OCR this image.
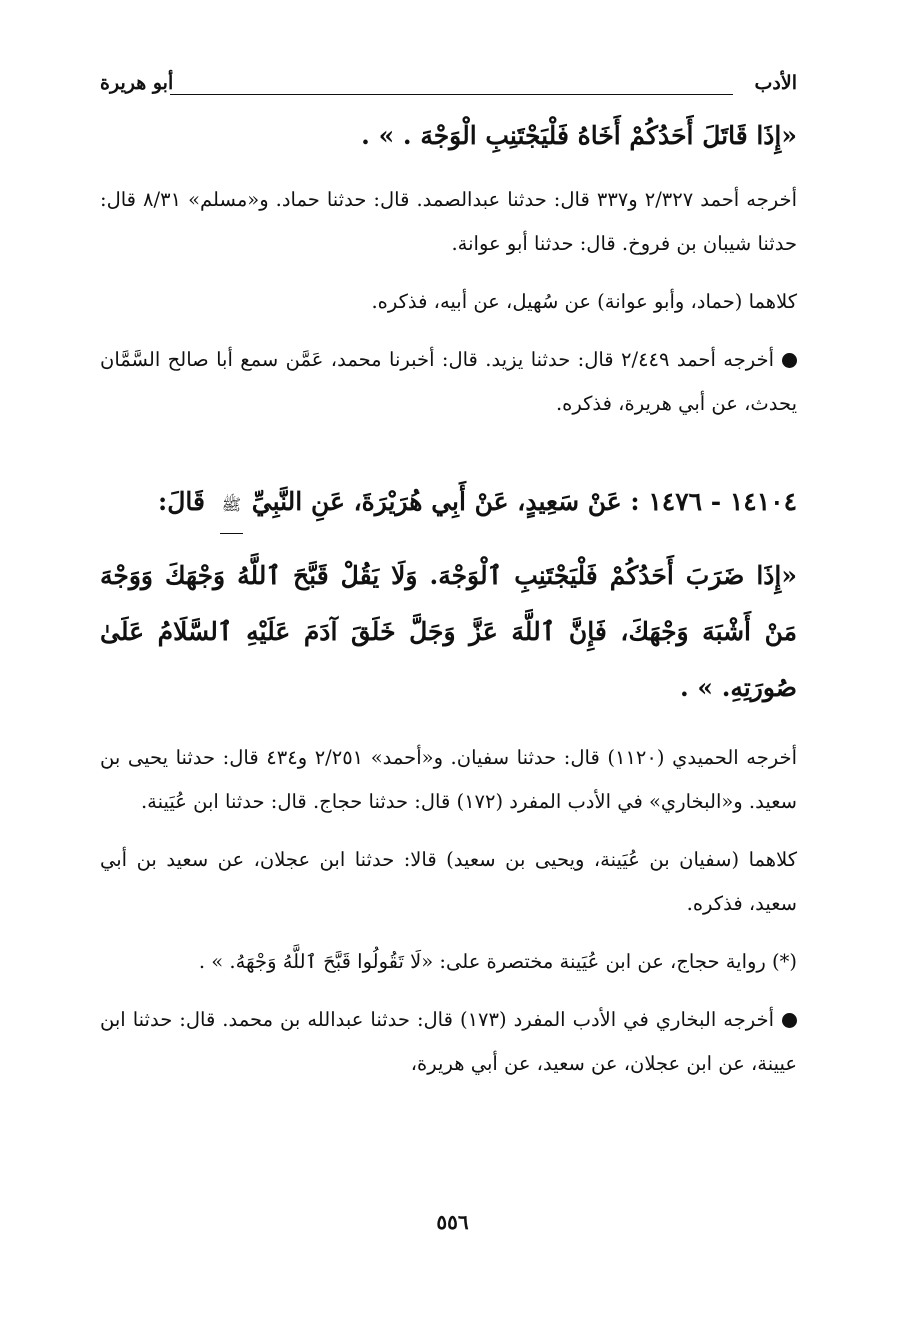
الأدب
أبو هريرة

«إِذَا قَاتَلَ أَحَدُكُمْ أَخَاهُ فَلْيَجْتَنِبِ الْوَجْهَ . » .

أخرجه أحمد ٢/٣٢٧ و٣٣٧ قال: حدثنا عبدالصمد. قال: حدثنا حماد. و«مسلم» ٨/٣١ قال: حدثنا شيبان بن فروخ. قال: حدثنا أبو عوانة.

كلاهما (حماد، وأبو عوانة) عن سُهيل، عن أبيه، فذكره.

أخرجه أحمد ٢/٤٤٩ قال: حدثنا يزيد. قال: أخبرنا محمد، عَمَّن سمع أبا صالح السَّمَّان يحدث، عن أبي هريرة، فذكره.

١٤١٠٤ - ١٤٧٦ : عَنْ سَعِيدٍ، عَنْ أَبِي هُرَيْرَةَ، عَنِ النَّبِيِّ ﷺ قَالَ:

«إِذَا ضَرَبَ أَحَدُكُمْ فَلْيَجْتَنِبِ ٱلْوَجْهَ. وَلَا يَقُلْ قَبَّحَ ٱللَّهُ وَجْهَكَ وَوَجْهَ مَنْ أَشْبَهَ وَجْهَكَ، فَإِنَّ ٱللَّهَ عَزَّ وَجَلَّ خَلَقَ آدَمَ عَلَيْهِ ٱلسَّلَامُ عَلَىٰ صُورَتِهِ. » .

أخرجه الحميدي (١١٢٠) قال: حدثنا سفيان. و«أحمد» ٢/٢٥١ و٤٣٤ قال: حدثنا يحيى بن سعيد. و«البخاري» في الأدب المفرد (١٧٢) قال: حدثنا حجاج. قال: حدثنا ابن عُيَينة.

كلاهما (سفيان بن عُيَينة، ويحيى بن سعيد) قالا: حدثنا ابن عجلان، عن سعيد بن أبي سعيد، فذكره.

(*) رواية حجاج، عن ابن عُيَينة مختصرة على: «لَا تَقُولُوا قَبَّحَ ٱللَّهُ وَجْهَهُ. » .

أخرجه البخاري في الأدب المفرد (١٧٣) قال: حدثنا عبدالله بن محمد. قال: حدثنا ابن عيينة، عن ابن عجلان، عن سعيد، عن أبي هريرة،

٥٥٦
